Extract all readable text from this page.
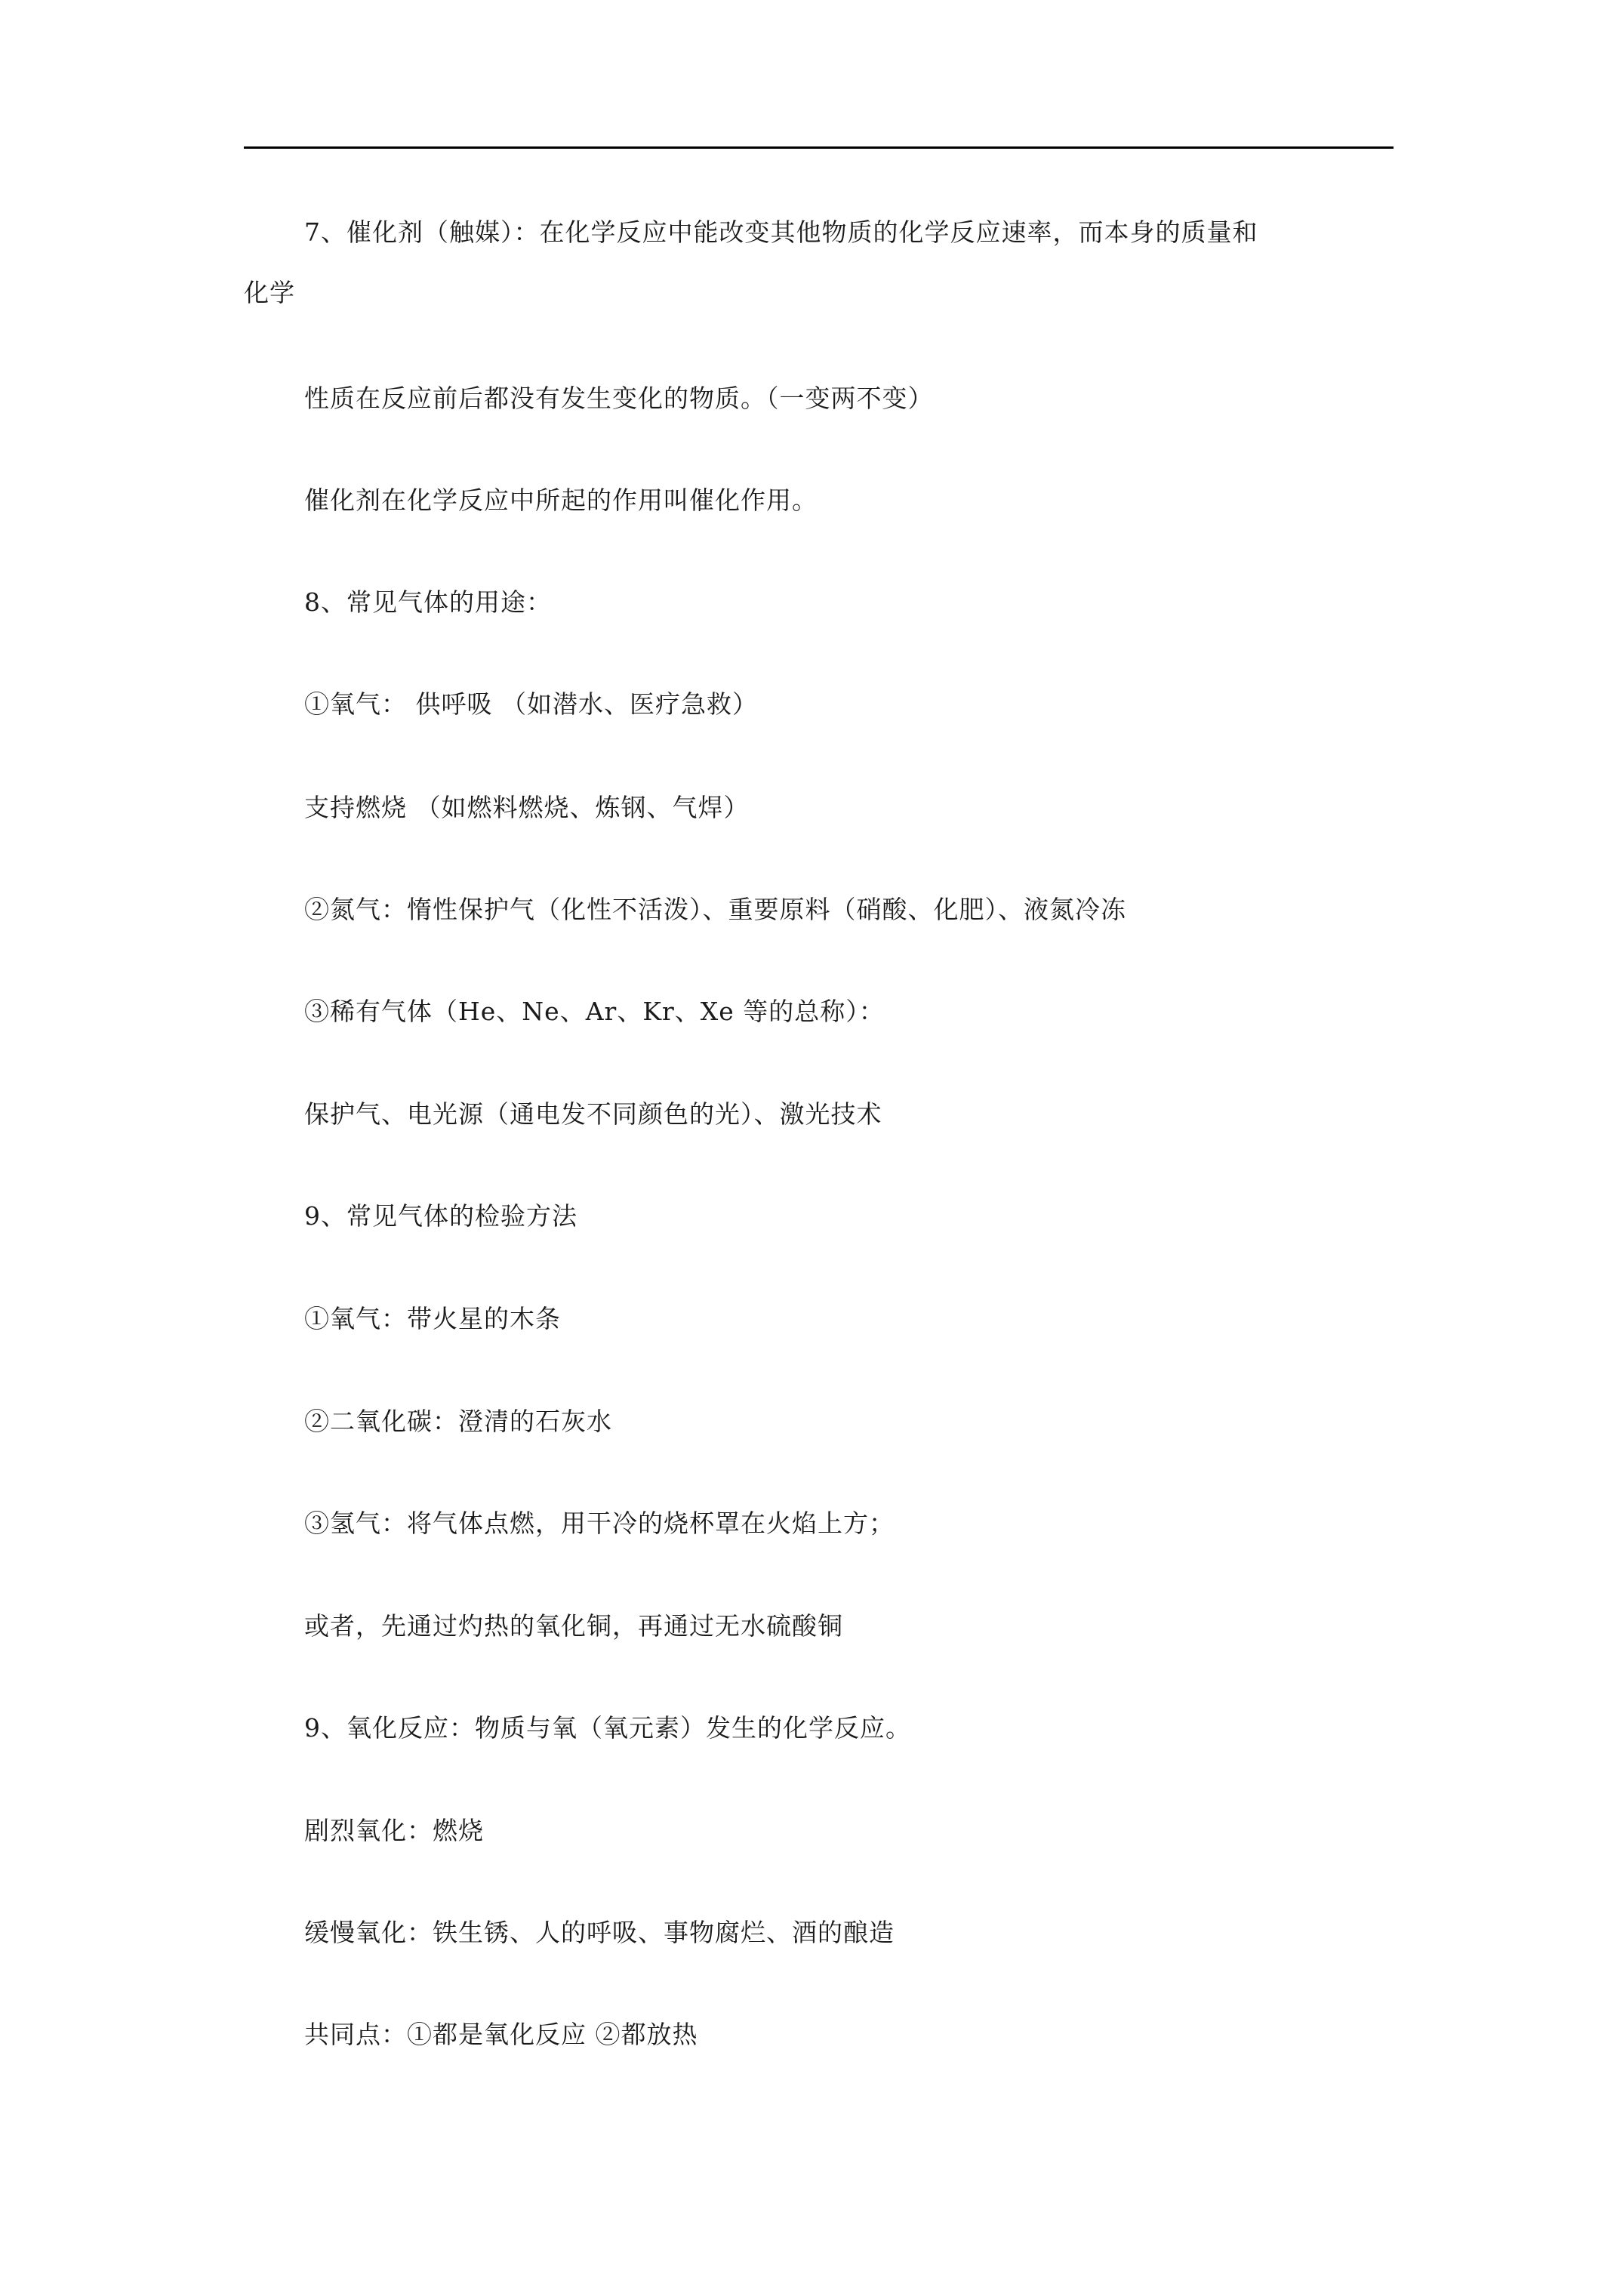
7、催化剂（触媒）：在化学反应中能改变其他物质的化学反应速率，而本身的质量和
化学
性质在反应前后都没有发生变化的物质。（一变两不变）
催化剂在化学反应中所起的作用叫催化作用。
8、常见气体的用途：
①氧气： 供呼吸 （如潜水、医疗急救）
支持燃烧 （如燃料燃烧、炼钢、气焊）
②氮气：惰性保护气（化性不活泼）、重要原料（硝酸、化肥）、液氮冷冻
③稀有气体（He、Ne、Ar、Kr、Xe 等的总称）：
保护气、电光源（通电发不同颜色的光）、激光技术
9、常见气体的检验方法
①氧气：带火星的木条
②二氧化碳：澄清的石灰水
③氢气：将气体点燃，用干冷的烧杯罩在火焰上方；
或者，先通过灼热的氧化铜，再通过无水硫酸铜
9、氧化反应：物质与氧（氧元素）发生的化学反应。
剧烈氧化：燃烧
缓慢氧化：铁生锈、人的呼吸、事物腐烂、酒的酿造
共同点：①都是氧化反应 ②都放热
